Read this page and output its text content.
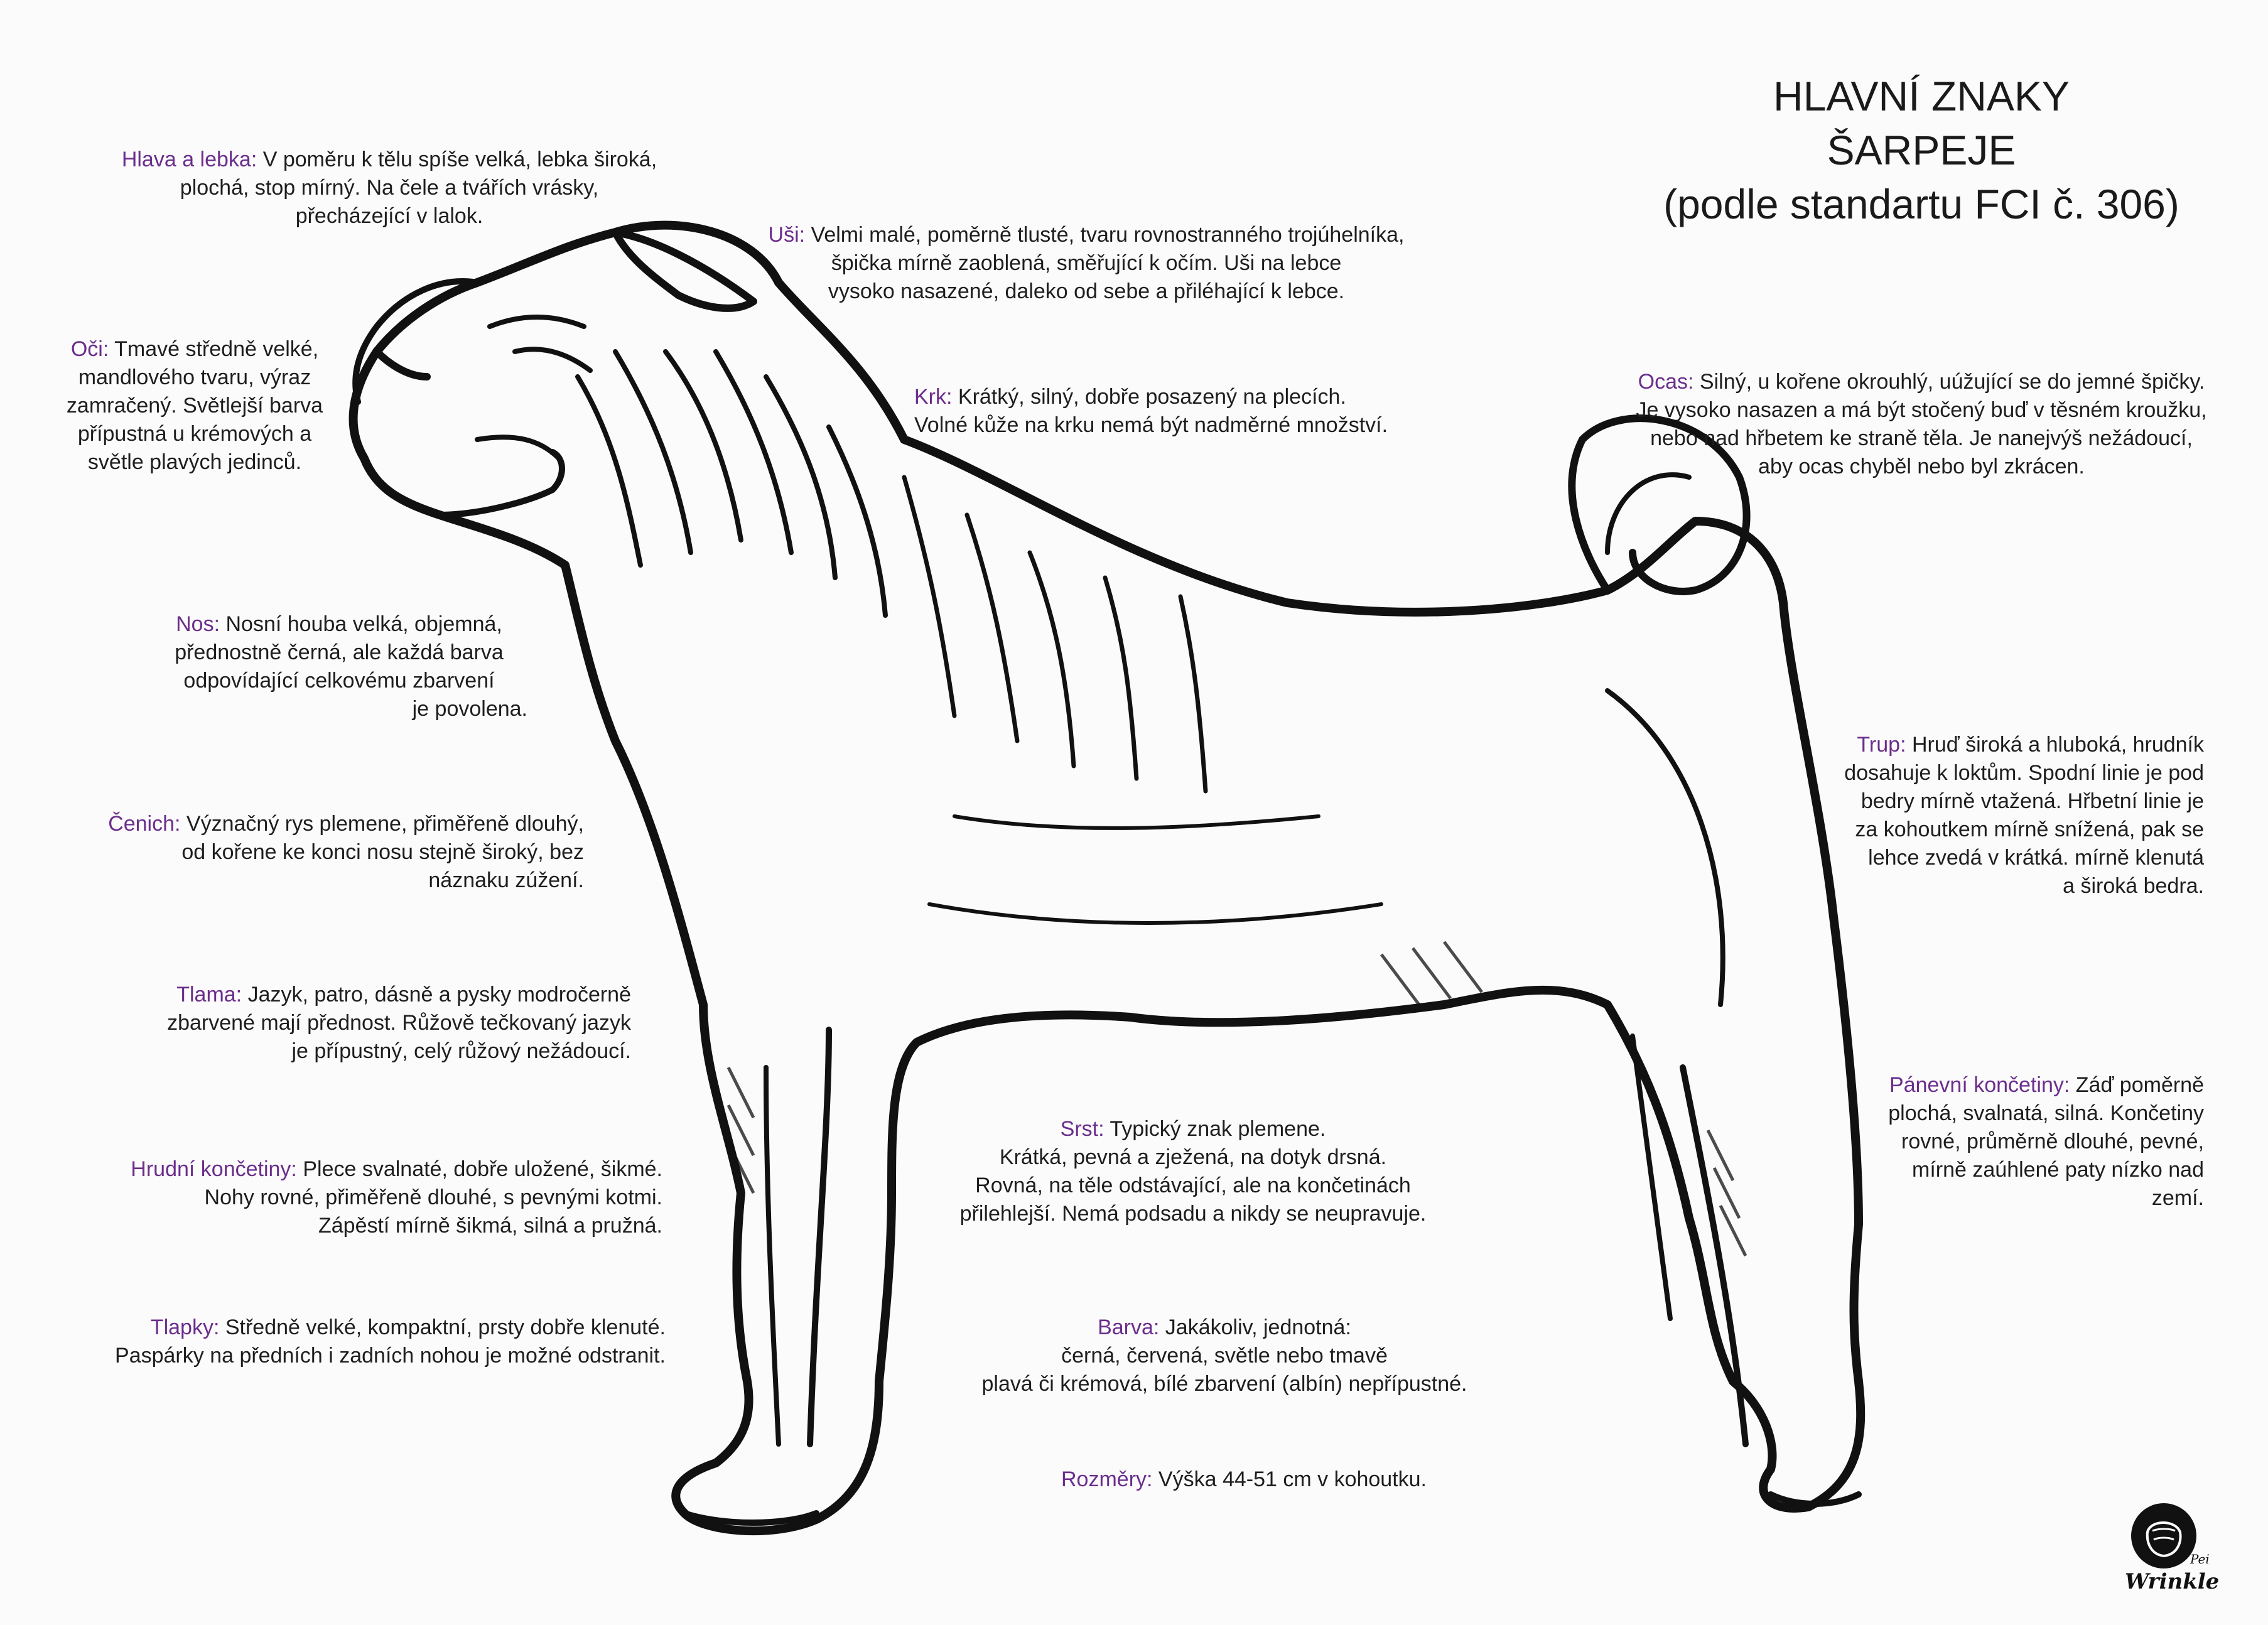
HLAVNÍ ZNAKY
ŠARPEJE
(podle standartu FCI č. 306)
Hlava a lebka: V poměru k tělu spíše velká, lebka široká,
plochá, stop mírný. Na čele a tvářích vrásky,
přecházející v lalok.
Oči: Tmavé středně velké,
mandlového tvaru, výraz
zamračený. Světlejší barva
přípustná u krémových a
světle plavých jedinců.
Nos: Nosní houba velká, objemná,
přednostně černá, ale každá barva
odpovídající celkovému zbarvení
je povolena.
Čenich: Význačný rys plemene, přiměřeně dlouhý,
od kořene ke konci nosu stejně široký, bez
náznaku zúžení.
Tlama: Jazyk, patro, dásně a pysky modročerně
zbarvené mají přednost. Růžově tečkovaný jazyk
je přípustný, celý růžový nežádoucí.
Hrudní končetiny: Plece svalnaté, dobře uložené, šikmé.
Nohy rovné, přiměřeně dlouhé, s pevnými kotmi.
Zápěstí mírně šikmá, silná a pružná.
Tlapky: Středně velké, kompaktní, prsty dobře klenuté.
Paspárky na předních i zadních nohou je možné odstranit.
Uši: Velmi malé, poměrně tlusté, tvaru rovnostranného trojúhelníka,
špička mírně zaoblená, směřující k očím. Uši na lebce
vysoko nasazené, daleko od sebe a přiléhající k lebce.
Krk: Krátký, silný, dobře posazený na plecích.
Volné kůže na krku nemá být nadměrné množství.
Srst: Typický znak plemene.
Krátká, pevná a zježená, na dotyk drsná.
Rovná, na těle odstávající, ale na končetinách
přilehlejší. Nemá podsadu a nikdy se neupravuje.
Barva: Jakákoliv, jednotná:
černá, červená, světle nebo tmavě
plavá či krémová, bílé zbarvení (albín) nepřípustné.
Rozměry: Výška 44-51 cm v kohoutku.
Ocas: Silný, u kořene okrouhlý, uúžující se do jemné špičky.
Je vysoko nasazen a má být stočený buď v těsném kroužku,
nebo nad hřbetem ke straně těla. Je nanejvýš nežádoucí,
aby ocas chyběl nebo byl zkrácen.
Trup: Hruď široká a hluboká, hrudník
dosahuje k loktům. Spodní linie je pod
bedry mírně vtažená. Hřbetní linie je
za kohoutkem mírně snížená, pak se
lehce zvedá v krátká. mírně klenutá
a široká bedra.
Pánevní končetiny: Záď poměrně
plochá, svalnatá, silná. Končetiny
rovné, průměrně dlouhé, pevné,
mírně zaúhlené paty nízko nad
zemí.
Pei
Wrinkle
